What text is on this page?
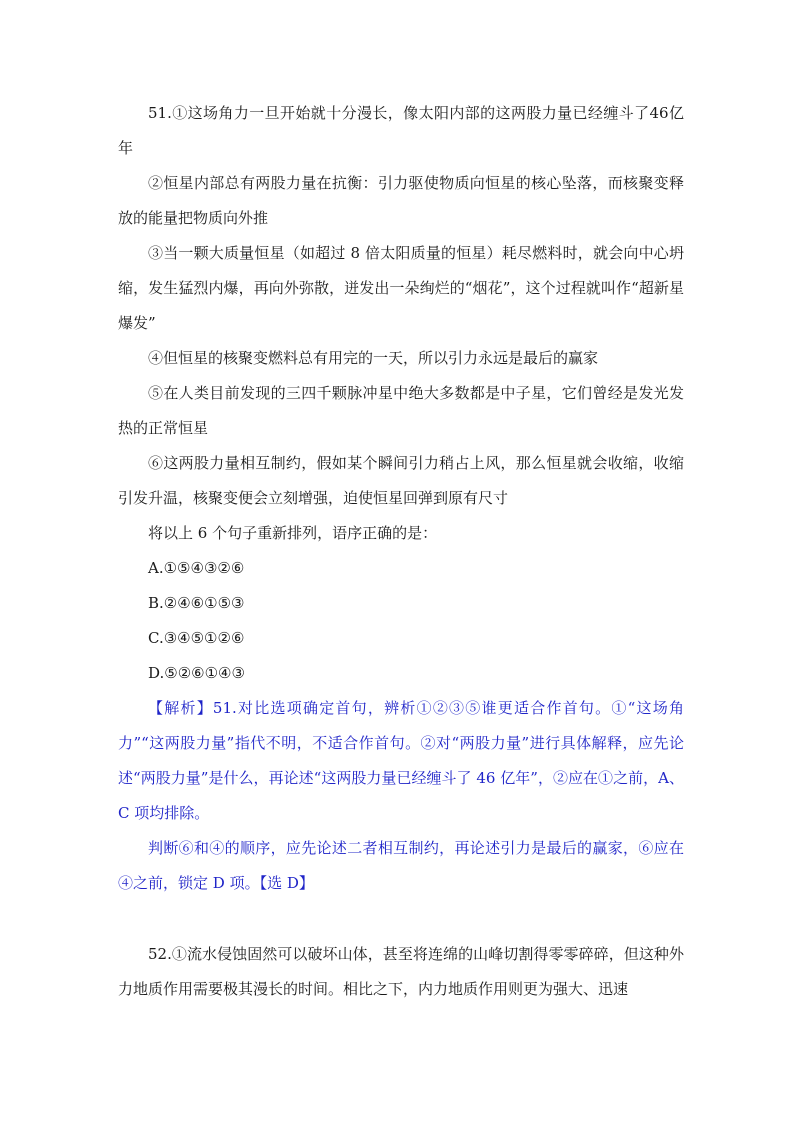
51.①这场角力一旦开始就十分漫长，像太阳内部的这两股力量已经缠斗了46亿年

②恒星内部总有两股力量在抗衡：引力驱使物质向恒星的核心坠落，而核聚变释放的能量把物质向外推

③当一颗大质量恒星（如超过 8 倍太阳质量的恒星）耗尽燃料时，就会向中心坍缩，发生猛烈内爆，再向外弥散，迸发出一朵绚烂的“烟花”，这个过程就叫作“超新星爆发”

④但恒星的核聚变燃料总有用完的一天，所以引力永远是最后的赢家

⑤在人类目前发现的三四千颗脉冲星中绝大多数都是中子星，它们曾经是发光发热的正常恒星

⑥这两股力量相互制约，假如某个瞬间引力稍占上风，那么恒星就会收缩，收缩引发升温，核聚变便会立刻增强，迫使恒星回弹到原有尺寸

将以上 6 个句子重新排列，语序正确的是：

A.①⑤④③②⑥

B.②④⑥①⑤③

C.③④⑤①②⑥

D.⑤②⑥①④③

【解析】51.对比选项确定首句，辨析①②③⑤谁更适合作首句。①“这场角力”“这两股力量”指代不明，不适合作首句。②对“两股力量”进行具体解释，应先论述“两股力量”是什么，再论述“这两股力量已经缠斗了 46 亿年”，②应在①之前，A、C 项均排除。

判断⑥和④的顺序，应先论述二者相互制约，再论述引力是最后的赢家，⑥应在④之前，锁定 D 项。【选 D】

52.①流水侵蚀固然可以破坏山体，甚至将连绵的山峰切割得零零碎碎，但这种外力地质作用需要极其漫长的时间。相比之下，内力地质作用则更为强大、迅速
